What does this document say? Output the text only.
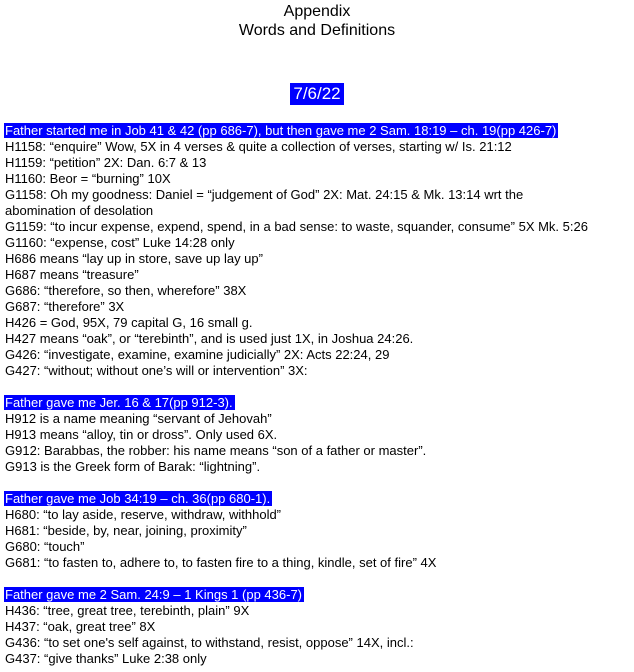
Appendix
Words and Definitions
7/6/22
Father started me in Job 41 & 42 (pp 686-7), but then gave me 2 Sam. 18:19 – ch. 19(pp 426-7)
H1158: “enquire” Wow, 5X in 4 verses & quite a collection of verses, starting w/ Is. 21:12
H1159: “petition” 2X: Dan. 6:7 & 13
H1160: Beor = “burning” 10X
G1158: Oh my goodness: Daniel = “judgement of God” 2X: Mat. 24:15 & Mk. 13:14 wrt the
abomination of desolation
G1159: “to incur expense, expend, spend, in a bad sense: to waste, squander, consume” 5X Mk. 5:26
G1160: “expense, cost” Luke 14:28 only
H686 means “lay up in store, save up lay up”
H687 means “treasure”
G686: “therefore, so then, wherefore” 38X
G687: “therefore” 3X
H426 = God, 95X, 79 capital G, 16 small g.
H427 means “oak”, or “terebinth”, and is used just 1X, in Joshua 24:26.
G426: “investigate, examine, examine judicially” 2X: Acts 22:24, 29
G427: “without; without one’s will or intervention” 3X:
Father gave me Jer. 16 & 17(pp 912-3).
H912 is a name meaning “servant of Jehovah”
H913 means “alloy, tin or dross”. Only used 6X.
G912: Barabbas, the robber: his name means “son of a father or master”.
G913 is the Greek form of Barak: “lightning”.
Father gave me Job 34:19 – ch. 36(pp 680-1).
H680: “to lay aside, reserve, withdraw, withhold”
H681: “beside, by, near, joining, proximity”
G680: “touch”
G681: “to fasten to, adhere to, to fasten fire to a thing, kindle, set of fire” 4X
Father gave me 2 Sam. 24:9 – 1 Kings 1 (pp 436-7)
H436: “tree, great tree, terebinth, plain” 9X
H437: “oak, great tree” 8X
G436: “to set one's self against, to withstand, resist, oppose” 14X, incl.:
G437: “give thanks” Luke 2:38 only
